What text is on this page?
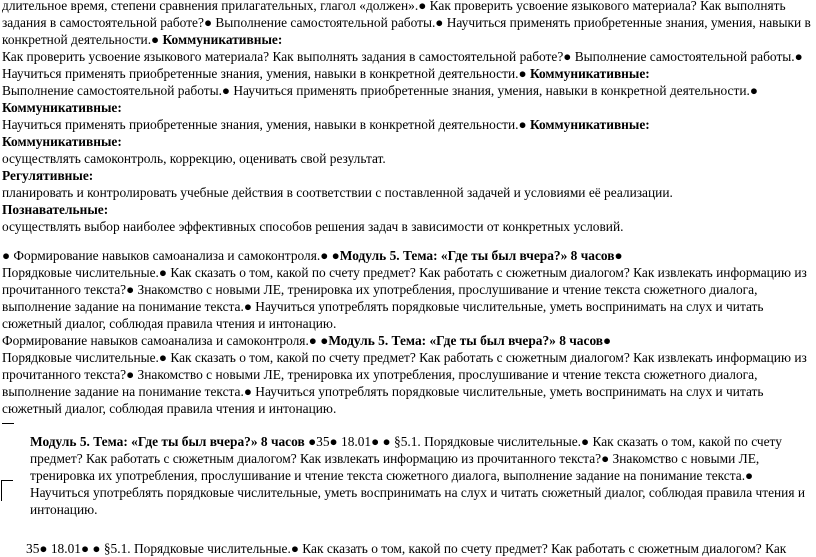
длительное время, степени сравнения прилагательных, глагол «должен».● Как проверить усвоение языкового материала? Как выполнять задания в самостоятельной работе?● Выполнение самостоятельной работы.● Научиться применять приобретенные знания, умения, навыки в конкретной деятельности.● Коммуникативные:

Как проверить усвоение языкового материала? Как выполнять задания в самостоятельной работе?● Выполнение самостоятельной работы.● Научиться применять приобретенные знания, умения, навыки в конкретной деятельности.● Коммуникативные:

Выполнение самостоятельной работы.● Научиться применять приобретенные знания, умения, навыки в конкретной деятельности.● Коммуникативные:

Научиться применять приобретенные знания, умения, навыки в конкретной деятельности.● Коммуникативные:

Коммуникативные:

осуществлять самоконтроль, коррекцию, оценивать свой результат.

Регулятивные:

планировать и контролировать учебные действия в соответствии с поставленной задачей и условиями её реализации.

Познавательные:

осуществлять выбор наиболее эффективных способов решения задач в зависимости от конкретных условий.

● Формирование навыков самоанализа и самоконтроля.● ●Модуль 5. Тема: «Где ты был вчера?» 8 часов●

Порядковые числительные.● Как сказать о том, какой по счету предмет? Как работать с сюжетным диалогом? Как извлекать информацию из прочитанного текста?● Знакомство с новыми ЛЕ, тренировка их употребления, прослушивание и чтение текста сюжетного диалога, выполнение задание на понимание текста.● Научиться употреблять порядковые числительные, уметь воспринимать на слух и читать сюжетный диалог, соблюдая правила чтения и интонацию.

Формирование навыков самоанализа и самоконтроля.● ●Модуль 5. Тема: «Где ты был вчера?» 8 часов●

Порядковые числительные.● Как сказать о том, какой по счету предмет? Как работать с сюжетным диалогом? Как извлекать информацию из прочитанного текста?● Знакомство с новыми ЛЕ, тренировка их употребления, прослушивание и чтение текста сюжетного диалога, выполнение задание на понимание текста.● Научиться употреблять порядковые числительные, уметь воспринимать на слух и читать сюжетный диалог, соблюдая правила чтения и интонацию.

Модуль 5. Тема: «Где ты был вчера?» 8 часов ●35● 18.01● ● §5.1. Порядковые числительные.● Как сказать о том, какой по счету предмет? Как работать с сюжетным диалогом? Как извлекать информацию из прочитанного текста?● Знакомство с новыми ЛЕ, тренировка их употребления, прослушивание и чтение текста сюжетного диалога, выполнение задание на понимание текста.● Научиться употреблять порядковые числительные, уметь воспринимать на слух и читать сюжетный диалог, соблюдая правила чтения и интонацию.

35● 18.01● ● §5.1. Порядковые числительные.● Как сказать о том, какой по счету предмет? Как работать с сюжетным диалогом? Как
